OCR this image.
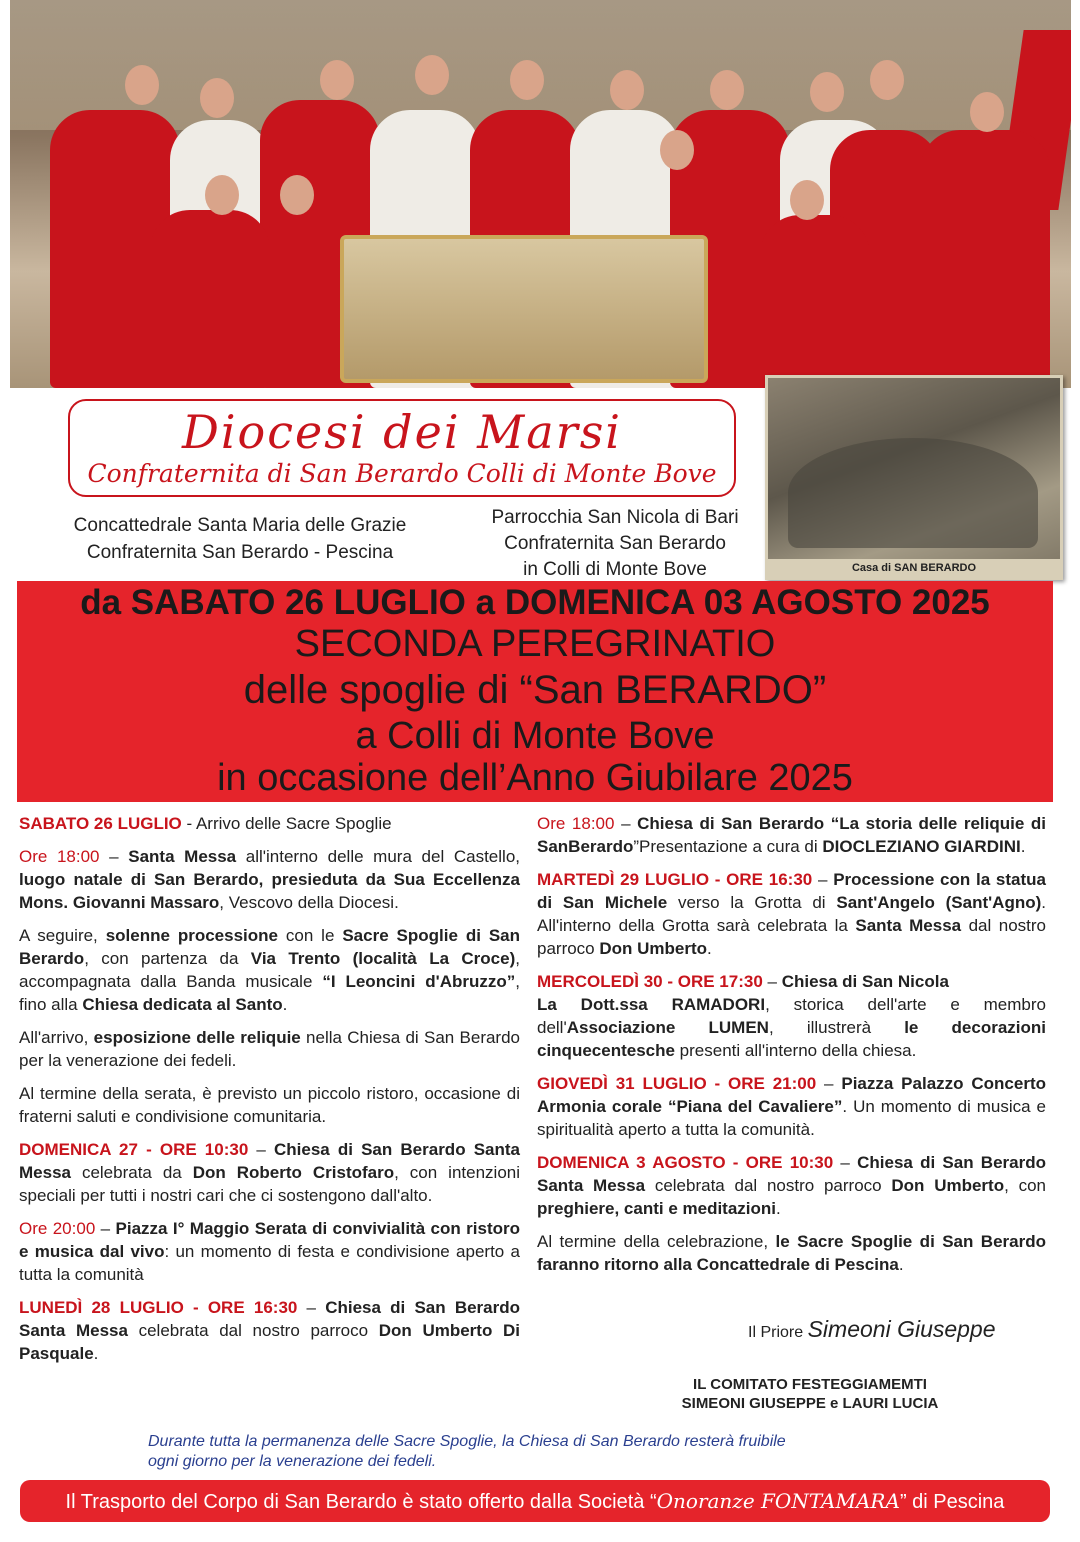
Diocesi dei Marsi
Confraternita di San Berardo Colli di Monte Bove
Concattedrale Santa Maria delle Grazie
Confraternita San Berardo - Pescina
Parrocchia San Nicola di Bari
Confraternita San Berardo
in Colli di Monte Bove	Casa di SAN BERARDO
da SABATO 26 LUGLIO a DOMENICA 03 AGOSTO 2025
SECONDA PEREGRINATIO
delle spoglie di “San BERARDO”
a Colli di Monte Bove
in occasione dell’Anno Giubilare 2025

SABATO 26 LUGLIO - Arrivo delle Sacre Spoglie

Ore 18:00 – Santa Messa all'interno delle mura del Castello, luogo natale di San Berardo, presieduta da Sua Eccellenza Mons. Giovanni Massaro, Vescovo della Diocesi.

A seguire, solenne processione con le Sacre Spoglie di San Berardo, con partenza da Via Trento (località La Croce), accompagnata dalla Banda musicale “I Leoncini d'Abruzzo”, fino alla Chiesa dedicata al Santo.

All'arrivo, esposizione delle reliquie nella Chiesa di San Berardo per la venerazione dei fedeli.

Al termine della serata, è previsto un piccolo ristoro, occasione di fraterni saluti e condivisione comunitaria.

DOMENICA 27 - ORE 10:30 – Chiesa di San Berardo Santa Messa celebrata da Don Roberto Cristofaro, con intenzioni speciali per tutti i nostri cari che ci sostengono dall'alto.

Ore 20:00 – Piazza I° Maggio Serata di convivialità con ristoro e musica dal vivo: un momento di festa e condivisione aperto a tutta la comunità

LUNEDÌ 28 LUGLIO - ORE 16:30 – Chiesa di San Berardo Santa Messa celebrata dal nostro parroco Don Umberto Di Pasquale.

Ore 18:00 – Chiesa di San Berardo “La storia delle reliquie di SanBerardo”Presentazione a cura di DIOCLEZIANO GIARDINI.

MARTEDÌ 29 LUGLIO - ORE 16:30 – Processione con la statua di San Michele verso la Grotta di Sant'Angelo (Sant'Agno). All'interno della Grotta sarà celebrata la Santa Messa dal nostro parroco Don Umberto.

MERCOLEDÌ 30 - ORE 17:30 – Chiesa di San Nicola
La Dott.ssa RAMADORI, storica dell'arte e membro dell'Associazione LUMEN, illustrerà le decorazioni cinquecentesche presenti all'interno della chiesa.

GIOVEDÌ 31 LUGLIO - ORE 21:00 – Piazza Palazzo Concerto Armonia corale “Piana del Cavaliere”. Un momento di musica e spiritualità aperto a tutta la comunità.

DOMENICA 3 AGOSTO - ORE 10:30 – Chiesa di San Berardo Santa Messa celebrata dal nostro parroco Don Umberto, con preghiere, canti e meditazioni.

Al termine della celebrazione, le Sacre Spoglie di San Berardo faranno ritorno alla Concattedrale di Pescina.

Il Priore Simeoni Giuseppe
IL COMITATO FESTEGGIAMEMTI
SIMEONI GIUSEPPE e LAURI LUCIA
Durante tutta la permanenza delle Sacre Spoglie, la Chiesa di San Berardo resterà fruibile
ogni giorno per la venerazione dei fedeli.
Il Trasporto del Corpo di San Berardo è stato offerto dalla Società “Onoranze FONTAMARA” di Pescina
